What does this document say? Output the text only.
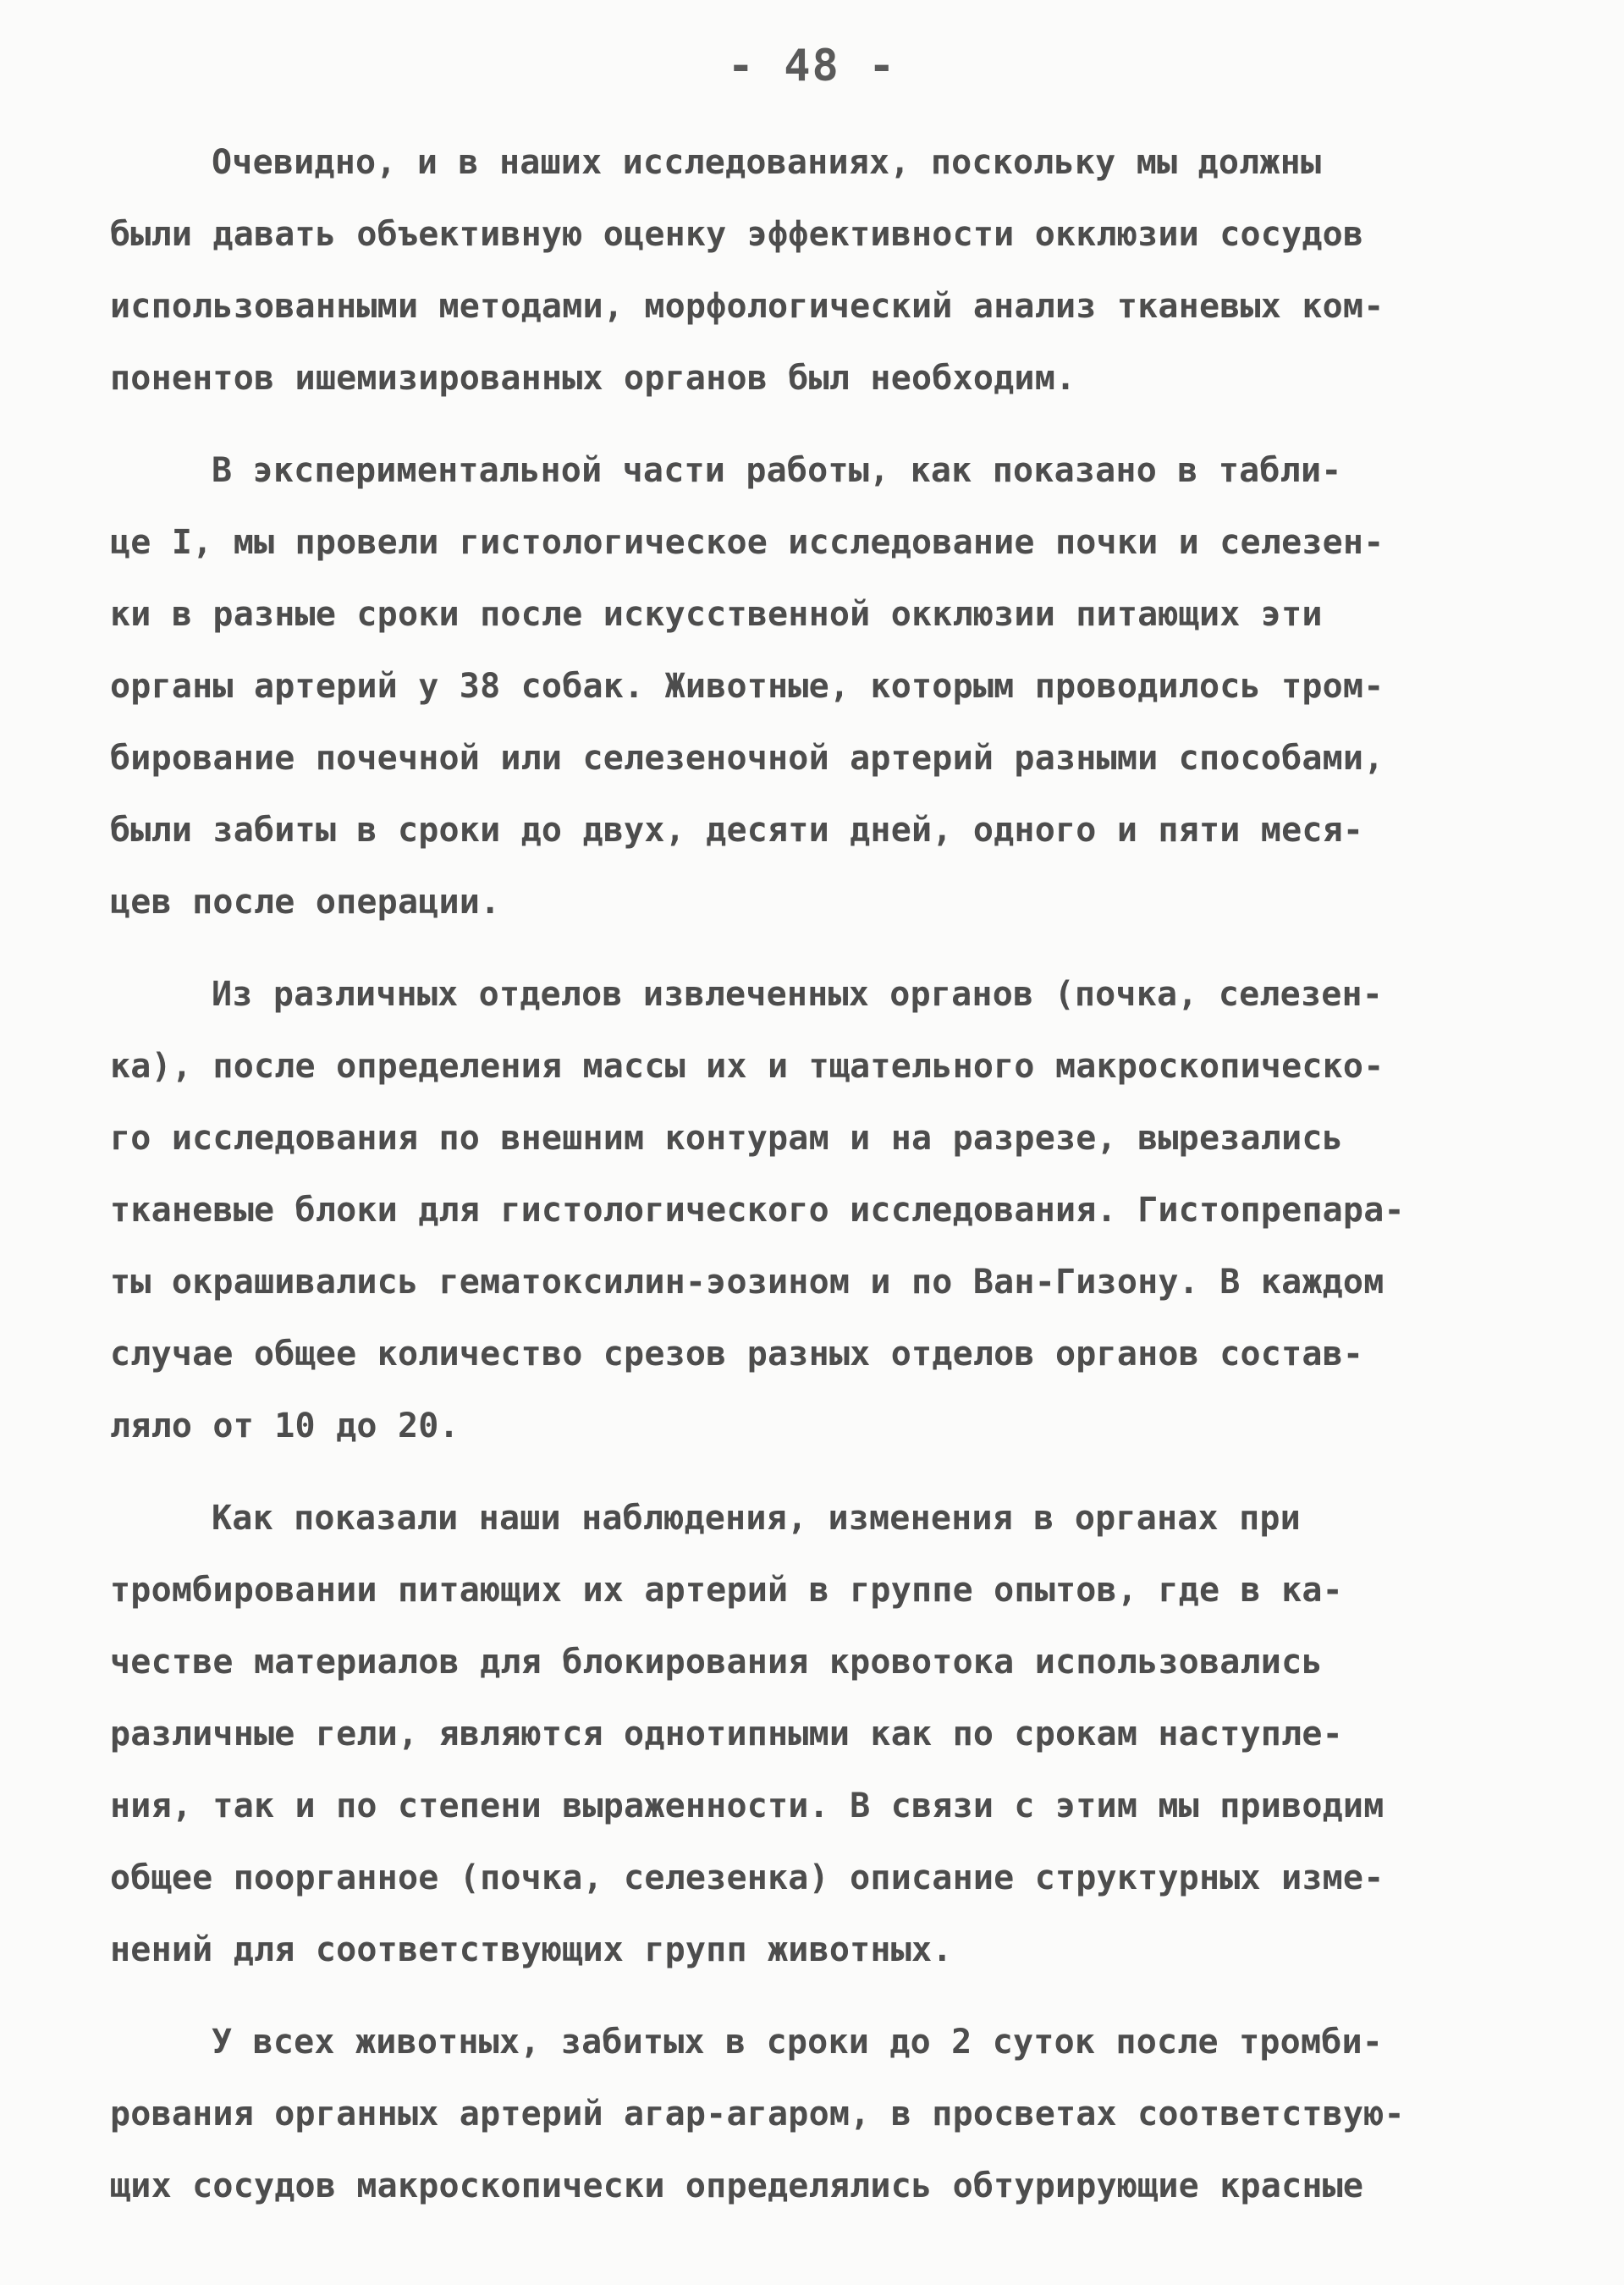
- 48 -
Очевидно, и в наших исследованиях, поскольку мы должны
были давать объективную оценку эффективности окклюзии сосудов
использованными методами, морфологический анализ тканевых ком-
понентов ишемизированных органов был необходим.
В экспериментальной части работы, как показано в табли-
це I, мы провели гистологическое исследование почки и селезен-
ки в разные сроки после искусственной окклюзии питающих эти
органы артерий у 38 собак. Животные, которым проводилось тром-
бирование почечной или селезеночной артерий разными способами,
были забиты в сроки до двух, десяти дней, одного и пяти меся-
цев после операции.
Из различных отделов извлеченных органов (почка, селезен-
ка), после определения массы их и тщательного макроскопическо-
го исследования по внешним контурам и на разрезе, вырезались
тканевые блоки для гистологического исследования. Гистопрепара-
ты окрашивались гематоксилин-эозином и по Ван-Гизону. В каждом
случае общее количество срезов разных отделов органов состав-
ляло от 10 до 20.
Как показали наши наблюдения, изменения в органах при
тромбировании питающих их артерий в группе опытов, где в ка-
честве материалов для блокирования кровотока использовались
различные гели, являются однотипными как по срокам наступле-
ния, так и по степени выраженности. В связи с этим мы приводим
общее поорганное (почка, селезенка) описание структурных изме-
нений для соответствующих групп животных.
У всех животных, забитых в сроки до 2 суток после тромби-
рования органных артерий агар-агаром, в просветах соответствую-
щих сосудов макроскопически определялись обтурирующие красные
